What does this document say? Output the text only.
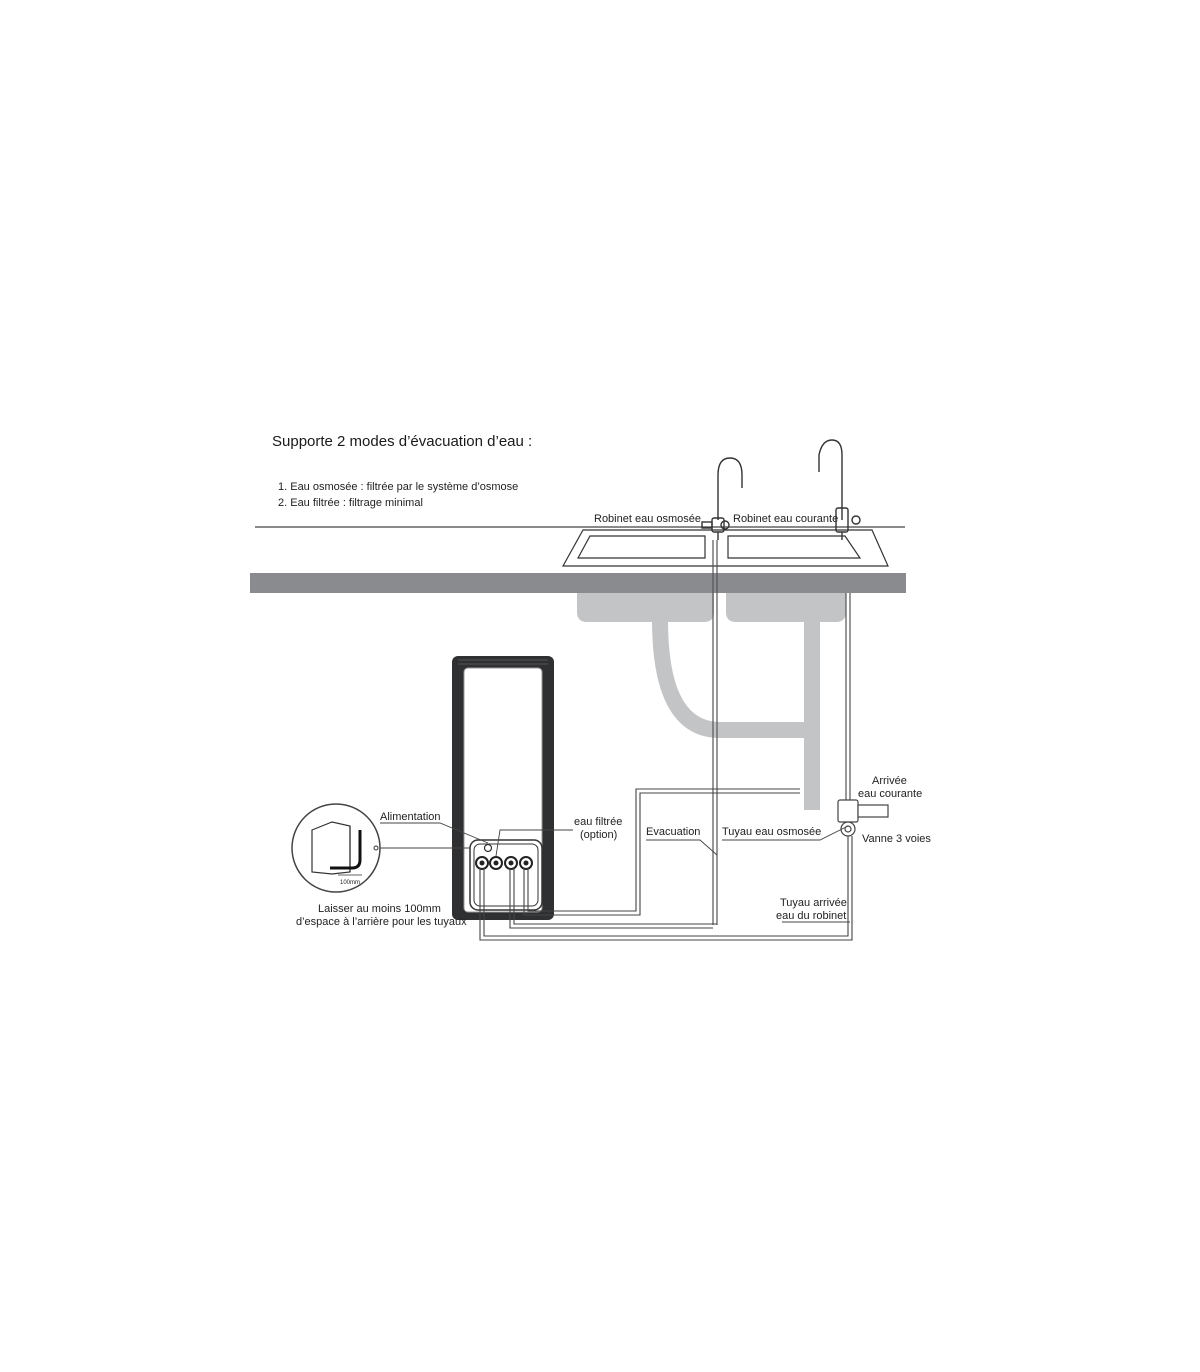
Supporte 2 modes d’évacuation d’eau :
1. Eau osmosée : filtrée par le système d’osmose
2. Eau filtrée : filtrage minimal
Robinet eau osmosée	Robinet eau courante
Alimentation	eau filtrée
(option)	Evacuation Tuyau eau osmosée
Arrivée
eau courante
Vanne 3 voies
Tuyau arrivée
eau du robinet
Laisser au moins 100mm
d’espace à l’arrière pour les tuyaux
100mm
